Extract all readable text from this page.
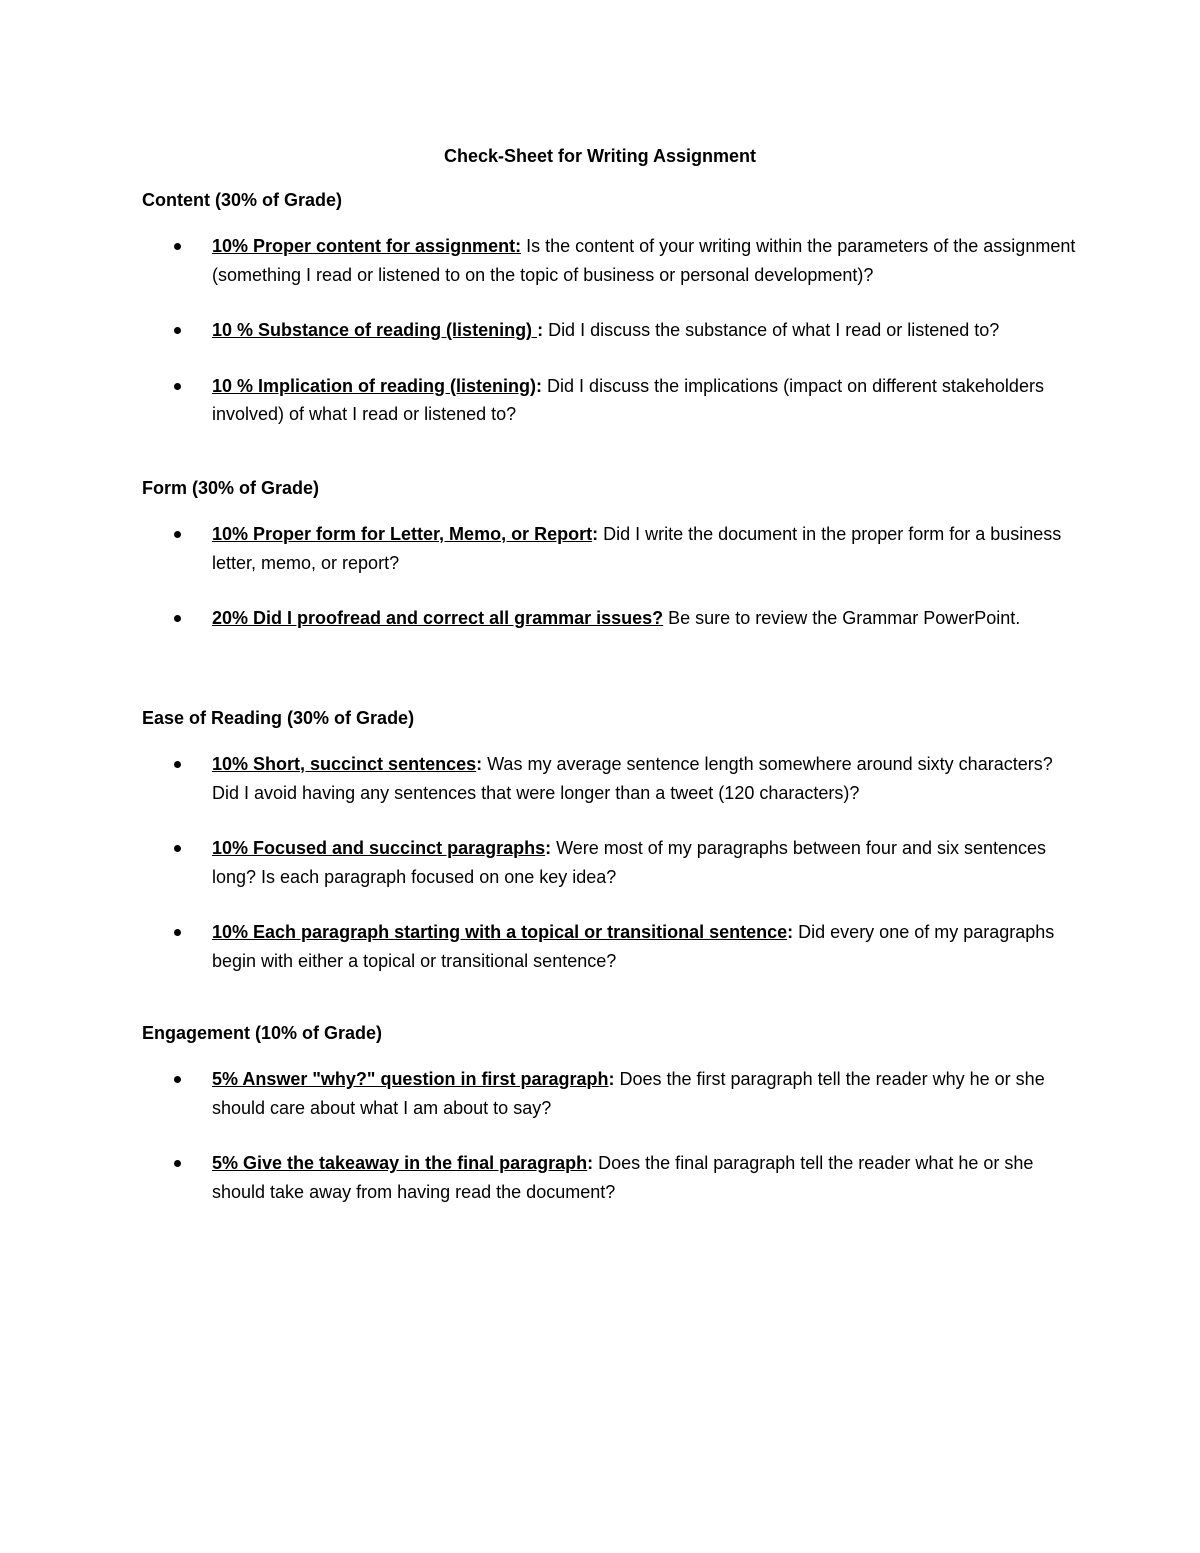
Check-Sheet for Writing Assignment
Content (30% of Grade)
10% Proper content for assignment: Is the content of your writing within the parameters of the assignment (something I read or listened to on the topic of business or personal development)?
10 % Substance of reading (listening) : Did I discuss the substance of what I read or listened to?
10 % Implication of reading (listening): Did I discuss the implications (impact on different stakeholders involved) of what I read or listened to?
Form (30% of Grade)
10% Proper form for Letter, Memo, or Report: Did I write the document in the proper form for a business letter, memo, or report?
20% Did I proofread and correct all grammar issues? Be sure to review the Grammar PowerPoint.
Ease of Reading (30% of Grade)
10% Short, succinct sentences: Was my average sentence length somewhere around sixty characters? Did I avoid having any sentences that were longer than a tweet (120 characters)?
10% Focused and succinct paragraphs: Were most of my paragraphs between four and six sentences long? Is each paragraph focused on one key idea?
10% Each paragraph starting with a topical or transitional sentence: Did every one of my paragraphs begin with either a topical or transitional sentence?
Engagement (10% of Grade)
5% Answer "why?" question in first paragraph: Does the first paragraph tell the reader why he or she should care about what I am about to say?
5% Give the takeaway in the final paragraph: Does the final paragraph tell the reader what he or she should take away from having read the document?
